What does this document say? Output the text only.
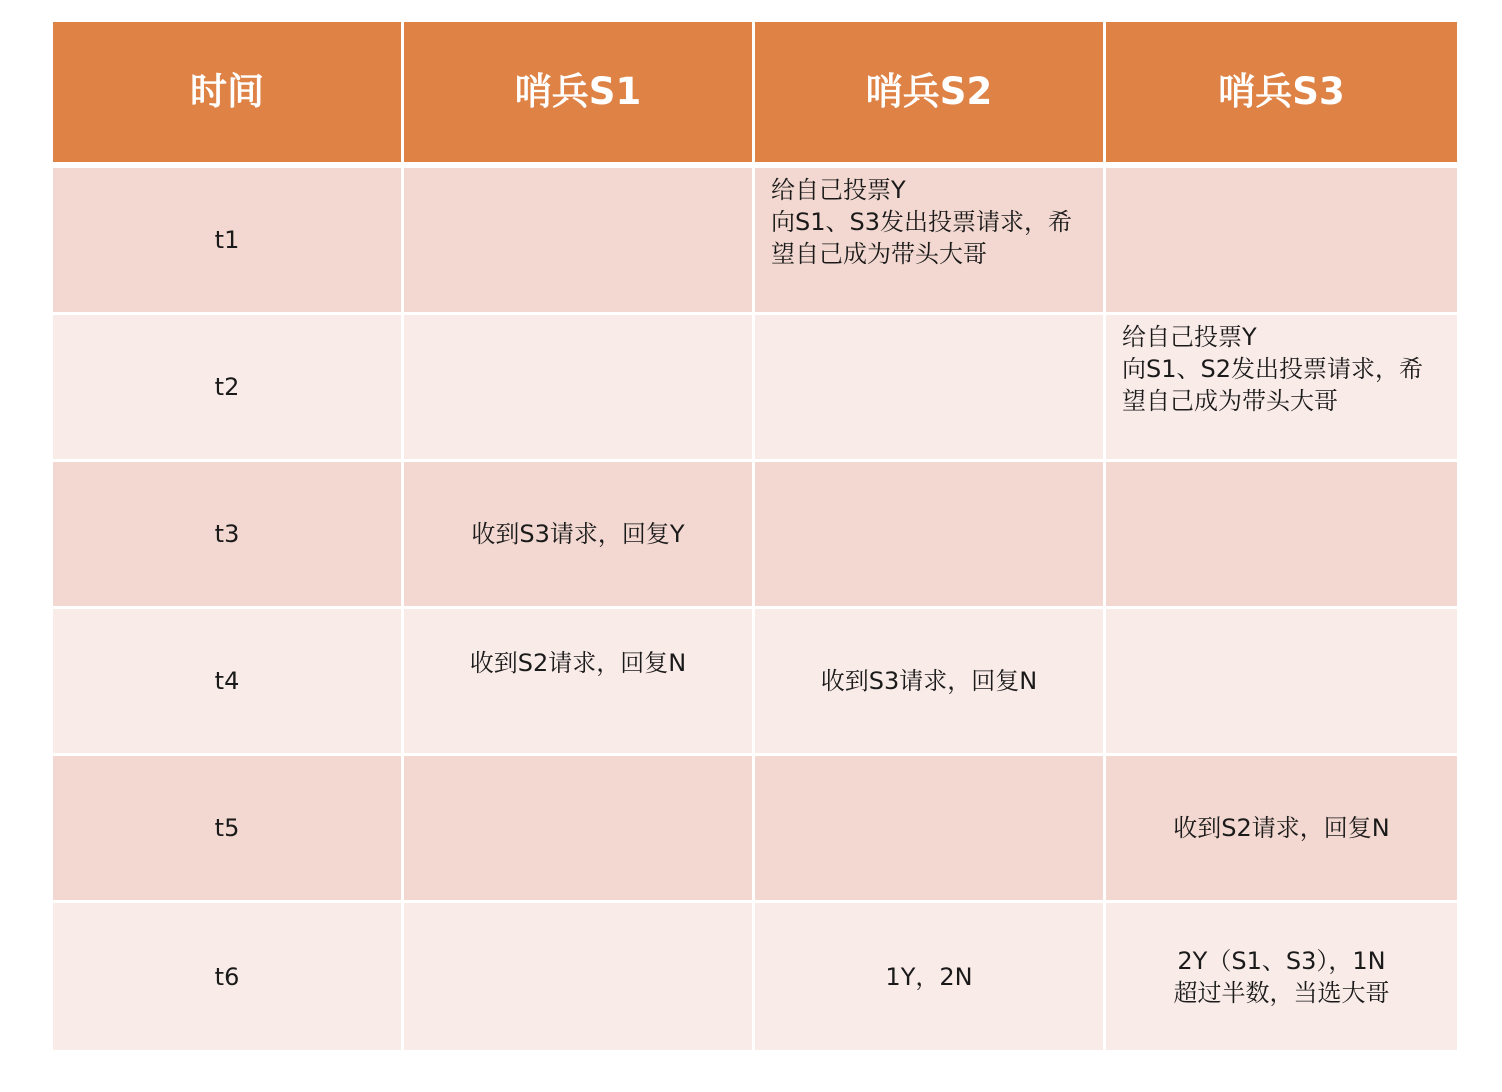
时间	哨兵S1	哨兵S2	哨兵S3
t1		给自己投票Y
向S1、S3发出投票请求，希
望自己成为带头大哥	

t2			给自己投票Y
向S1、S2发出投票请求，希
望自己成为带头大哥

t3	收到S3请求，回复Y		

t4	收到S2请求，回复N	收到S3请求，回复N	

t5			收到S2请求，回复N

t6		1Y，2N	2Y（S1、S3），1N
超过半数，当选大哥
